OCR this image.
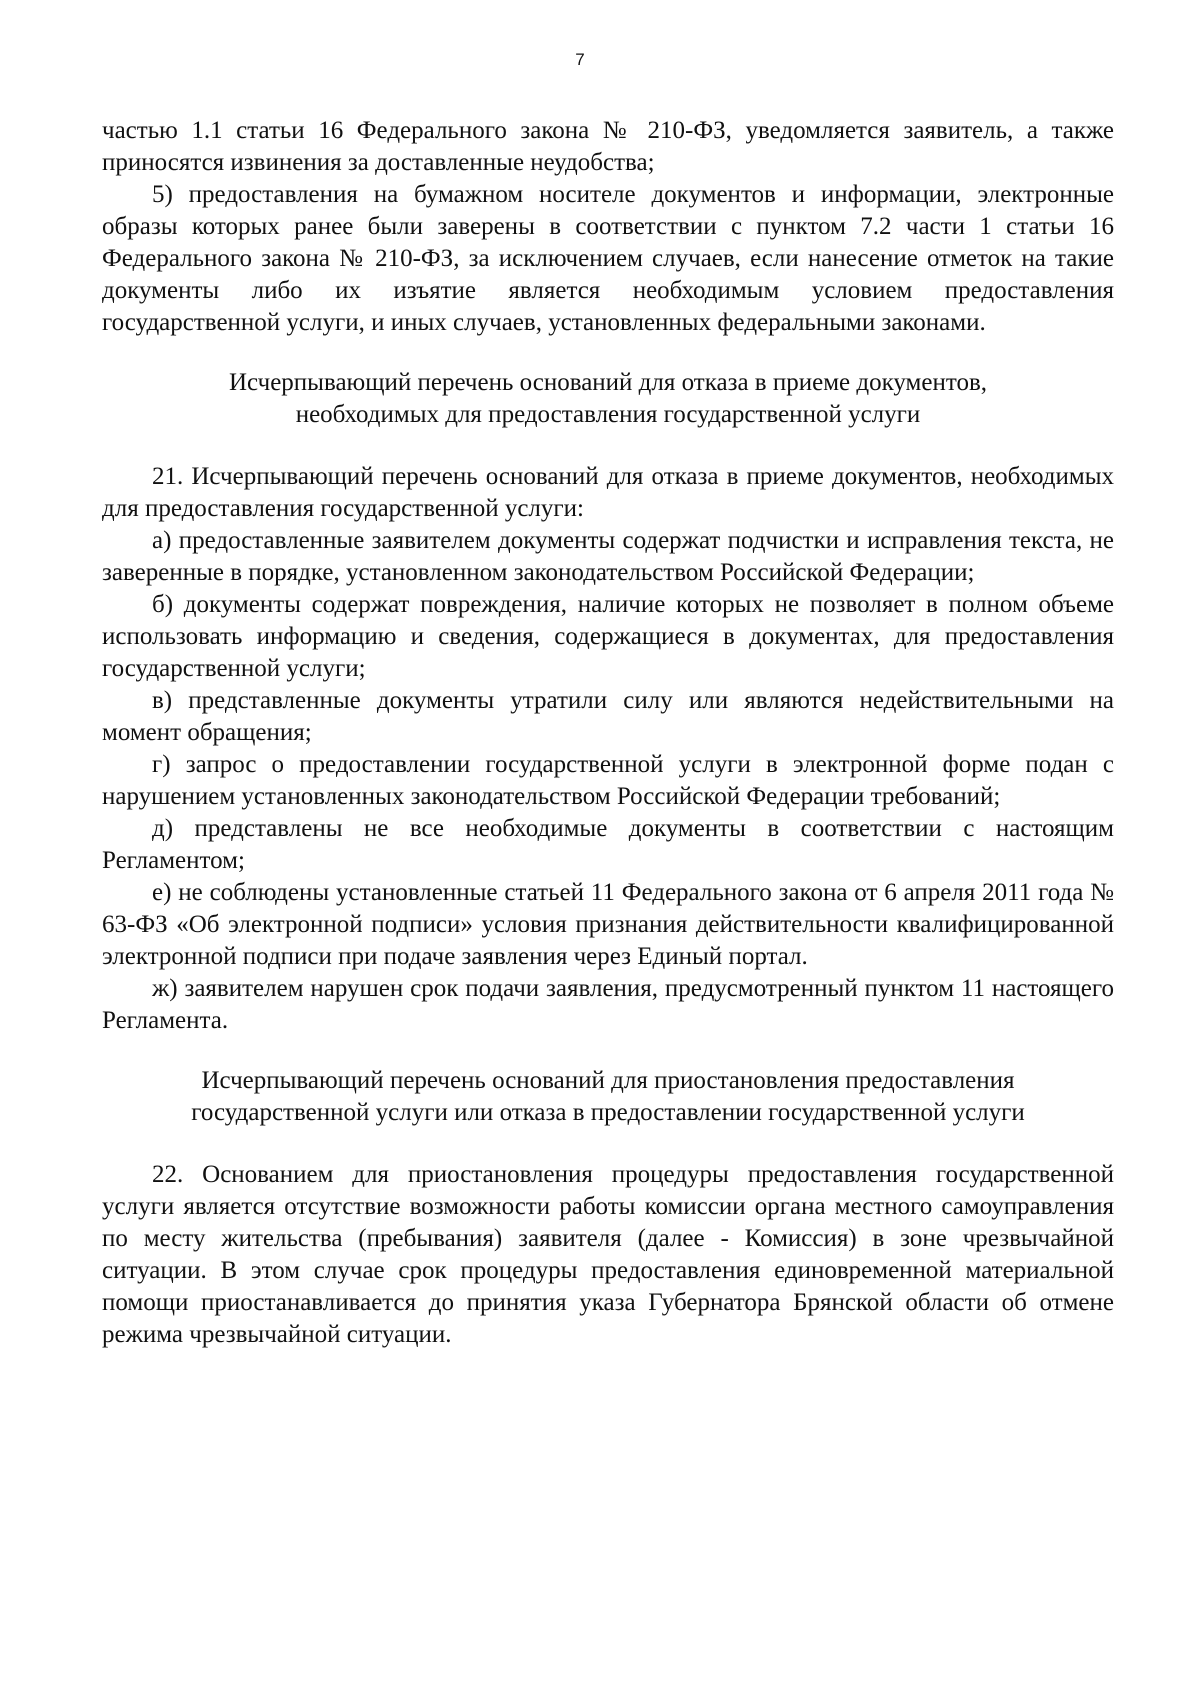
7

частью 1.1 статьи 16 Федерального закона № 210-ФЗ, уведомляется заявитель, а также приносятся извинения за доставленные неудобства;

5) предоставления на бумажном носителе документов и информации, электронные образы которых ранее были заверены в соответствии с пунктом 7.2 части 1 статьи 16 Федерального закона № 210-ФЗ, за исключением случаев, если нанесение отметок на такие документы либо их изъятие является необходимым условием предоставления государственной услуги, и иных случаев, установленных федеральными законами.

Исчерпывающий перечень оснований для отказа в приеме документов,
необходимых для предоставления государственной услуги

21. Исчерпывающий перечень оснований для отказа в приеме документов, необходимых для предоставления государственной услуги:

а) предоставленные заявителем документы содержат подчистки и исправления текста, не заверенные в порядке, установленном законодательством Российской Федерации;

б) документы содержат повреждения, наличие которых не позволяет в полном объеме использовать информацию и сведения, содержащиеся в документах, для предоставления государственной услуги;

в) представленные документы утратили силу или являются недействительными на момент обращения;

г) запрос о предоставлении государственной услуги в электронной форме подан с нарушением установленных законодательством Российской Федерации требований;

д) представлены не все необходимые документы в соответствии с настоящим Регламентом;

е) не соблюдены установленные статьей 11 Федерального закона от 6 апреля 2011 года № 63-ФЗ «Об электронной подписи» условия признания действительности квалифицированной электронной подписи при подаче заявления через Единый портал.

ж) заявителем нарушен срок подачи заявления, предусмотренный пунктом 11 настоящего Регламента.

Исчерпывающий перечень оснований для приостановления предоставления
государственной услуги или отказа в предоставлении государственной услуги

22. Основанием для приостановления процедуры предоставления государственной услуги является отсутствие возможности работы комиссии органа местного самоуправления по месту жительства (пребывания) заявителя (далее - Комиссия) в зоне чрезвычайной ситуации. В этом случае срок процедуры предоставления единовременной материальной помощи приостанавливается до принятия указа Губернатора Брянской области об отмене режима чрезвычайной ситуации.
